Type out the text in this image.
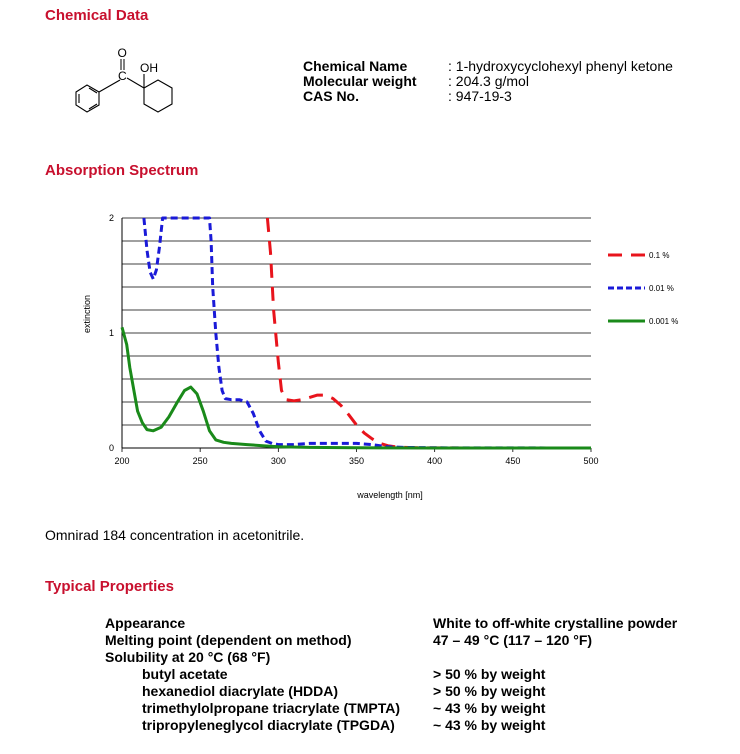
Chemical Data
O
C
OH	Chemical Name	: 1-hydroxycyclohexyl phenyl ketone
Molecular weight	: 204.3 g/mol
CAS No.	: 947-19-3
Absorption Spectrum
200	250	300	350	400	450	500
0
1
2
0.1 %
0.01 %
0.001 %
wavelength [nm]
extinction
Omnirad 184 concentration in acetonitrile.
Typical Properties
Appearance	White to off-white crystalline powder
Melting point (dependent on method)	47 – 49 °C (117 – 120 °F)
Solubility at 20 °C (68 °F)
butyl acetate	> 50 % by weight
hexanediol diacrylate (HDDA)	> 50 % by weight
trimethylolpropane triacrylate (TMPTA)	~ 43 % by weight
tripropyleneglycol diacrylate (TPGDA)	~ 43 % by weight
